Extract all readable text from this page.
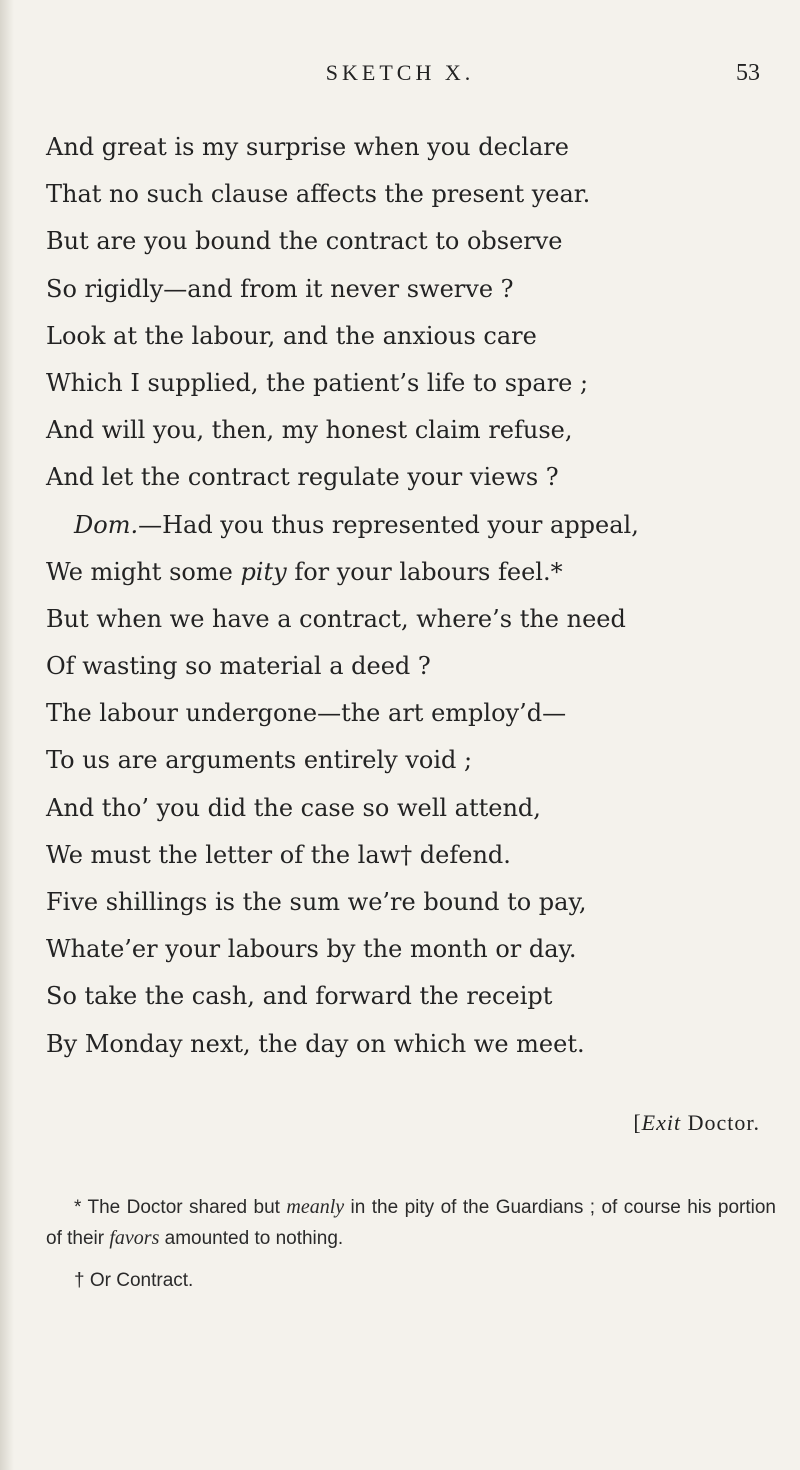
SKETCH X.	53
And great is my surprise when you declare
That no such clause affects the present year.
But are you bound the contract to observe
So rigidly—and from it never swerve ?
Look at the labour, and the anxious care
Which I supplied, the patient’s life to spare ;
And will you, then, my honest claim refuse,
And let the contract regulate your views ?
Dom.—Had you thus represented your appeal,
We might some pity for your labours feel.*
But when we have a contract, where’s the need
Of wasting so material a deed ?
The labour undergone—the art employ’d—
To us are arguments entirely void ;
And tho’ you did the case so well attend,
We must the letter of the law† defend.
Five shillings is the sum we’re bound to pay,
Whate’er your labours by the month or day.
So take the cash, and forward the receipt
By Monday next, the day on which we meet.
[Exit Doctor.

* The Doctor shared but meanly in the pity of the Guardians ; of course his portion of their favors amounted to nothing.

† Or Contract.
